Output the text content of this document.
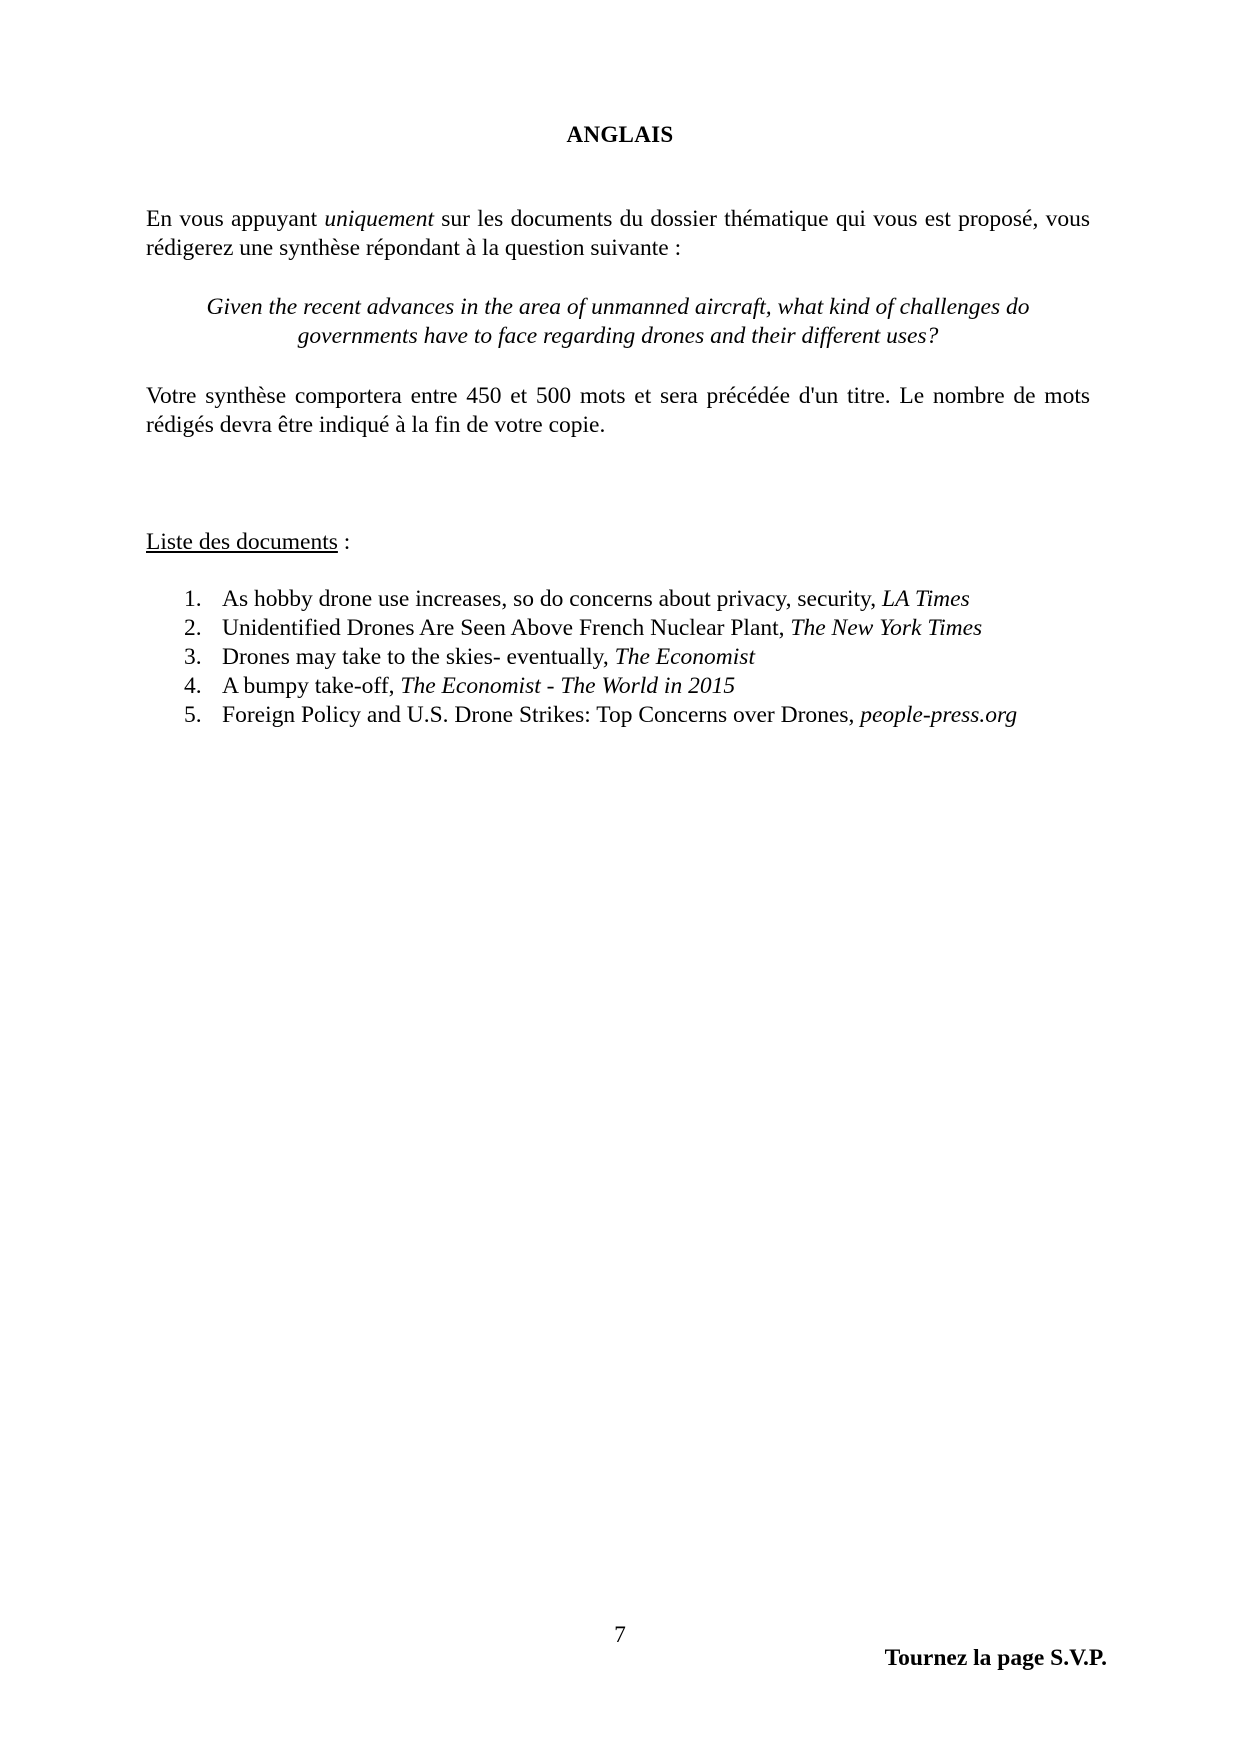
ANGLAIS

En vous appuyant uniquement sur les documents du dossier thématique qui vous est proposé, vous rédigerez une synthèse répondant à la question suivante :

Given the recent advances in the area of unmanned aircraft, what kind of challenges do governments have to face regarding drones and their different uses?

Votre synthèse comportera entre 450 et 500 mots et sera précédée d'un titre. Le nombre de mots rédigés devra être indiqué à la fin de votre copie.

Liste des documents :

1. As hobby drone use increases, so do concerns about privacy, security, LA Times
2. Unidentified Drones Are Seen Above French Nuclear Plant, The New York Times
3. Drones may take to the skies- eventually, The Economist
4. A bumpy take-off, The Economist - The World in 2015
5. Foreign Policy and U.S. Drone Strikes: Top Concerns over Drones, people-press.org
7
Tournez la page S.V.P.
